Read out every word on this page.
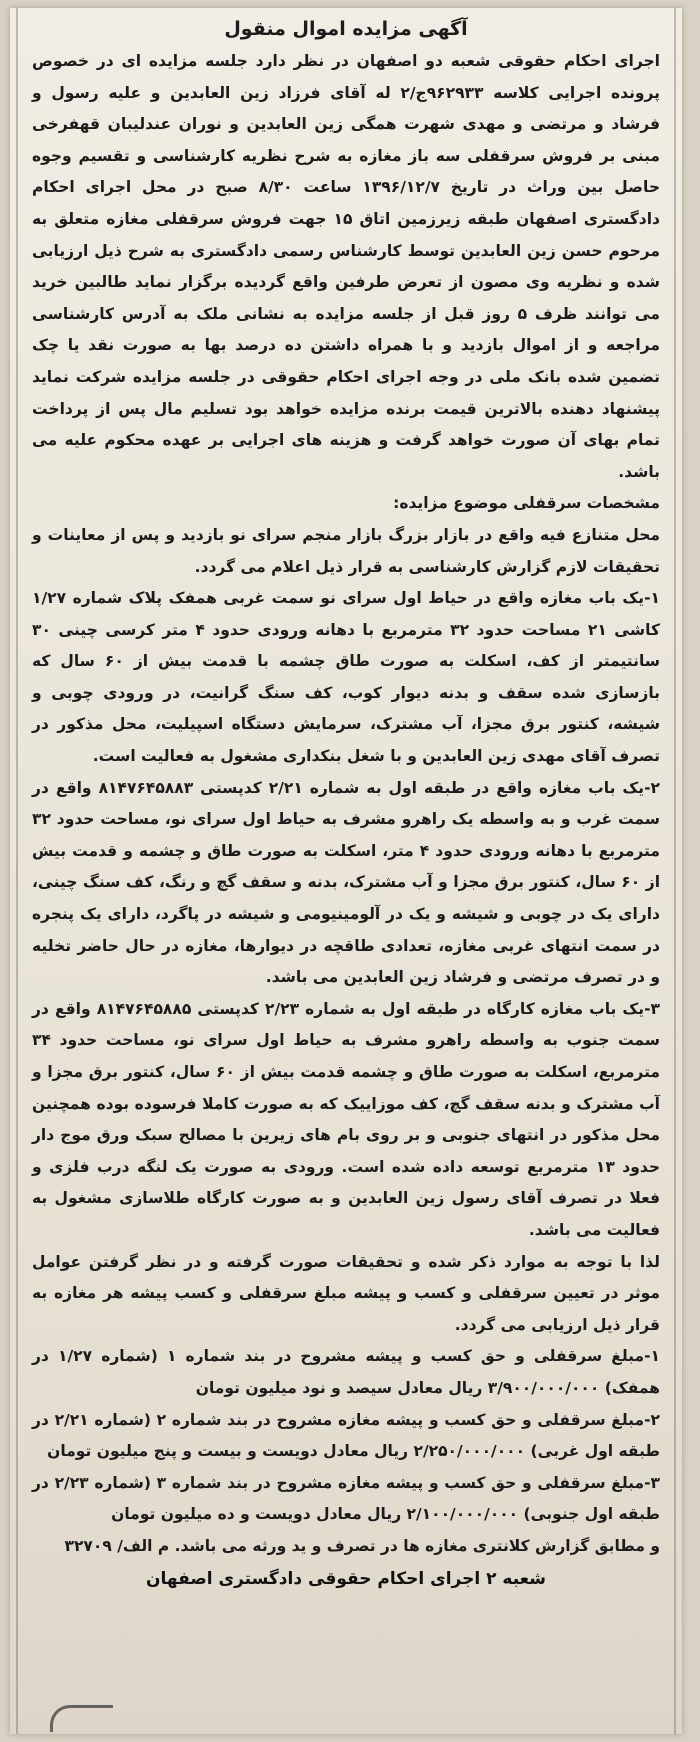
آگهی مزایده اموال منقول

اجرای احکام حقوقی شعبه دو اصفهان در نظر دارد جلسه مزایده ای در خصوص پرونده اجرایی کلاسه ۹۶۲۹۳۳ج/۲ له آقای فرزاد زین العابدین و علیه رسول و فرشاد و مرتضی و مهدی شهرت همگی زین العابدین و نوران عندلیبان قهفرخی مبنی بر فروش سرقفلی سه باز مغازه به شرح نظریه کارشناسی و تقسیم وجوه حاصل بین وراث در تاریخ ۱۳۹۶/۱۲/۷ ساعت ۸/۳۰ صبح در محل اجرای احکام دادگستری اصفهان طبقه زیرزمین اتاق ۱۵ جهت فروش سرقفلی مغازه متعلق به مرحوم حسن زین العابدین توسط کارشناس رسمی دادگستری به شرح ذیل ارزیابی شده و نظریه وی مصون از تعرض طرفین واقع گردیده برگزار نماید طالبین خرید می توانند ظرف ۵ روز قبل از جلسه مزایده به نشانی ملک به آدرس کارشناسی مراجعه و از اموال بازدید و با همراه داشتن ده درصد بها به صورت نقد یا چک تضمین شده بانک ملی در وجه اجرای احکام حقوقی در جلسه مزایده شرکت نماید پیشنهاد دهنده بالاترین قیمت برنده مزایده خواهد بود تسلیم مال پس از پرداخت تمام بهای آن صورت خواهد گرفت و هزینه های اجرایی بر عهده محکوم علیه می باشد.

مشخصات سرقفلی موضوع مزایده:

محل متنازع فیه واقع در بازار بزرگ بازار منجم سرای نو بازدید و پس از معاینات و تحقیقات لازم گزارش کارشناسی به قرار ذیل اعلام می گردد.

۱-یک باب مغازه واقع در حیاط اول سرای نو سمت غربی همفک پلاک شماره ۱/۲۷ کاشی ۲۱ مساحت حدود ۳۲ مترمربع با دهانه ورودی حدود ۴ متر کرسی چینی ۳۰ سانتیمتر از کف، اسکلت به صورت طاق چشمه با قدمت بیش از ۶۰ سال که بازسازی شده سقف و بدنه دیوار کوب، کف سنگ گرانیت، در ورودی چوبی و شیشه، کنتور برق مجزا، آب مشترک، سرمایش دستگاه اسپیلیت، محل مذکور در تصرف آقای مهدی زین العابدین و با شغل بنکداری مشغول به فعالیت است.

۲-یک باب مغازه واقع در طبقه اول به شماره ۲/۲۱ کدپستی ۸۱۴۷۶۴۵۸۸۳ واقع در سمت غرب و به واسطه یک راهرو مشرف به حیاط اول سرای نو، مساحت حدود ۳۲ مترمربع با دهانه ورودی حدود ۴ متر، اسکلت به صورت طاق و چشمه و قدمت بیش از ۶۰ سال، کنتور برق مجزا و آب مشترک، بدنه و سقف گچ و رنگ، کف سنگ چینی، دارای یک در چوبی و شیشه و یک در آلومینیومی و شیشه در پاگرد، دارای یک پنجره در سمت انتهای غربی مغازه، تعدادی طاقچه در دیوارها، مغازه در حال حاضر تخلیه و در تصرف مرتضی و فرشاد زین العابدین می باشد.

۳-یک باب مغازه کارگاه در طبقه اول به شماره ۲/۲۳ کدپستی ۸۱۴۷۶۴۵۸۸۵ واقع در سمت جنوب به واسطه راهرو مشرف به حیاط اول سرای نو، مساحت حدود ۳۴ مترمربع، اسکلت به صورت طاق و چشمه قدمت بیش از ۶۰ سال، کنتور برق مجزا و آب مشترک و بدنه سقف گچ، کف موزاییک که به صورت کاملا فرسوده بوده همچنین محل مذکور در انتهای جنوبی و بر روی بام های زیرین با مصالح سبک ورق موج دار حدود ۱۳ مترمربع توسعه داده شده است. ورودی به صورت یک لنگه درب فلزی و فعلا در تصرف آقای رسول زین العابدین و به صورت کارگاه طلاسازی مشغول به فعالیت می باشد.

لذا با توجه به موارد ذکر شده و تحقیقات صورت گرفته و در نظر گرفتن عوامل موثر در تعیین سرقفلی و کسب و پیشه مبلغ سرقفلی و کسب پیشه هر مغازه به قرار ذیل ارزیابی می گردد.

۱-مبلغ سرقفلی و حق کسب و پیشه مشروح در بند شماره ۱ (شماره ۱/۲۷ در همفک) ۳/۹۰۰/۰۰۰/۰۰۰ ریال معادل سیصد و نود میلیون تومان

۲-مبلغ سرقفلی و حق کسب و پیشه مغازه مشروح در بند شماره ۲ (شماره ۲/۲۱ در طبقه اول غربی) ۲/۲۵۰/۰۰۰/۰۰۰ ریال معادل دویست و بیست و پنج میلیون تومان

۳-مبلغ سرقفلی و حق کسب و پیشه مغازه مشروح در بند شماره ۳ (شماره ۲/۲۳ در طبقه اول جنوبی) ۲/۱۰۰/۰۰۰/۰۰۰ ریال معادل دویست و ده میلیون تومان

و مطابق گزارش کلانتری مغازه ها در تصرف و ید ورثه می باشد. م الف/ ۳۲۷۰۹

شعبه ۲ اجرای احکام حقوقی دادگستری اصفهان
